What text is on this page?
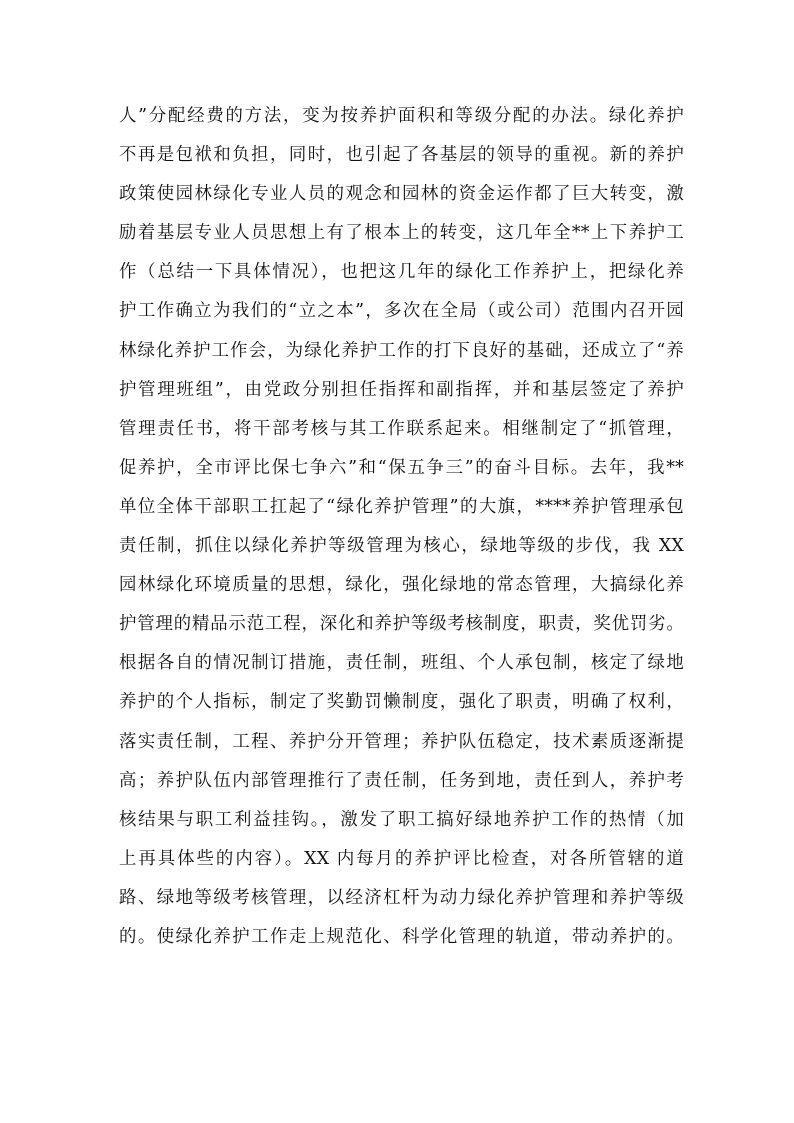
人”分配经费的方法，变为按养护面积和等级分配的办法。绿化养护
不再是包袱和负担，同时，也引起了各基层的领导的重视。新的养护
政策使园林绿化专业人员的观念和园林的资金运作都了巨大转变，激
励着基层专业人员思想上有了根本上的转变，这几年全**上下养护工
作（总结一下具体情况），也把这几年的绿化工作养护上，把绿化养
护工作确立为我们的“立之本”，多次在全局（或公司）范围内召开园
林绿化养护工作会，为绿化养护工作的打下良好的基础，还成立了“养
护管理班组”，由党政分别担任指挥和副指挥，并和基层签定了养护
管理责任书，将干部考核与其工作联系起来。相继制定了“抓管理，
促养护，全市评比保七争六”和“保五争三”的奋斗目标。去年，我**
单位全体干部职工扛起了“绿化养护管理”的大旗，****养护管理承包
责任制，抓住以绿化养护等级管理为核心，绿地等级的步伐，我 XX
园林绿化环境质量的思想，绿化，强化绿地的常态管理，大搞绿化养
护管理的精品示范工程，深化和养护等级考核制度，职责，奖优罚劣。
根据各自的情况制订措施，责任制，班组、个人承包制，核定了绿地
养护的个人指标，制定了奖勤罚懒制度，强化了职责，明确了权利，
落实责任制，工程、养护分开管理；养护队伍稳定，技术素质逐渐提
高；养护队伍内部管理推行了责任制，任务到地，责任到人，养护考
核结果与职工利益挂钩。，激发了职工搞好绿地养护工作的热情（加
上再具体些的内容）。XX 内每月的养护评比检查，对各所管辖的道
路、绿地等级考核管理，以经济杠杆为动力绿化养护管理和养护等级
的。使绿化养护工作走上规范化、科学化管理的轨道，带动养护的。
